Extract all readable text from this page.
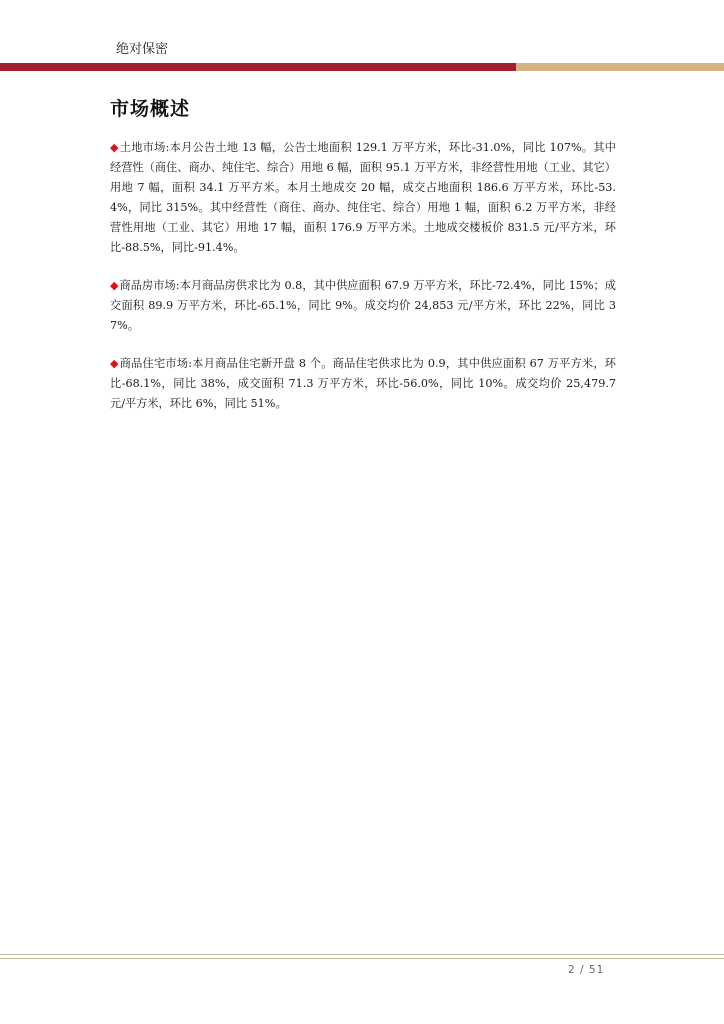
绝对保密
市场概述

◆土地市场:本月公告土地 13 幅，公告土地面积 129.1 万平方米，环比-31.0%，同比 107%。其中经营性（商住、商办、纯住宅、综合）用地 6 幅，面积 95.1 万平方米，非经营性用地（工业、其它）用地 7 幅，面积 34.1 万平方米。本月土地成交 20 幅，成交占地面积 186.6 万平方米，环比-53.4%，同比 315%。其中经营性（商住、商办、纯住宅、综合）用地 1 幅，面积 6.2 万平方米，非经营性用地（工业、其它）用地 17 幅，面积 176.9 万平方米。土地成交楼板价 831.5 元/平方米，环比-88.5%，同比-91.4%。

◆商品房市场:本月商品房供求比为 0.8，其中供应面积 67.9 万平方米，环比-72.4%，同比 15%；成交面积 89.9 万平方米，环比-65.1%，同比 9%。成交均价 24,853 元/平方米，环比 22%，同比 37%。

◆商品住宅市场:本月商品住宅新开盘 8 个。商品住宅供求比为 0.9，其中供应面积 67 万平方米，环比-68.1%，同比 38%，成交面积 71.3 万平方米，环比-56.0%，同比 10%。成交均价 25,479.7 元/平方米，环比 6%，同比 51%。

2 / 51
